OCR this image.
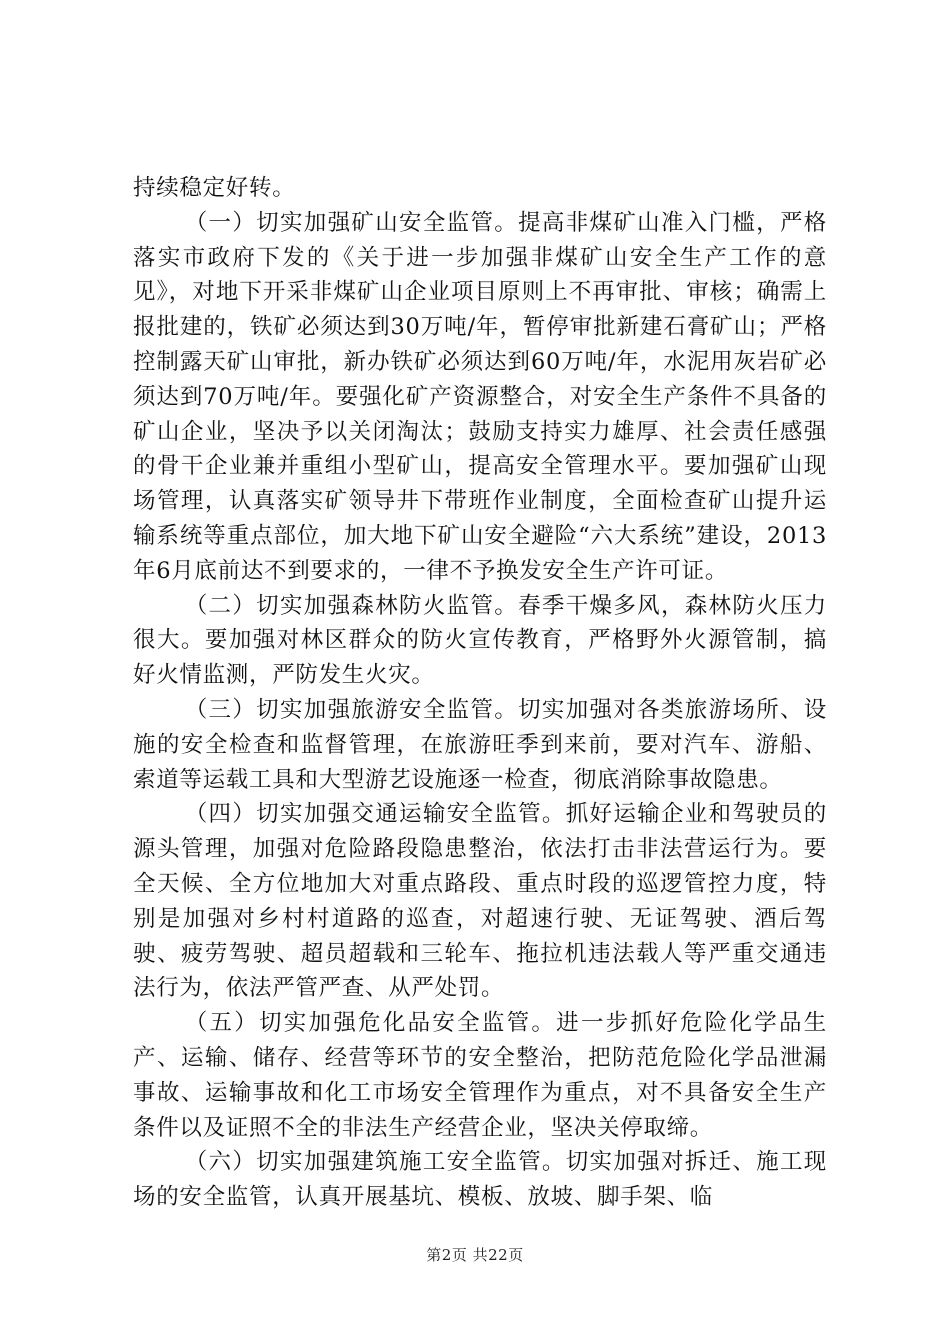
持续稳定好转。

（一）切实加强矿山安全监管。提高非煤矿山准入门槛，严格落实市政府下发的《关于进一步加强非煤矿山安全生产工作的意见》，对地下开采非煤矿山企业项目原则上不再审批、审核；确需上报批建的，铁矿必须达到30万吨/年，暂停审批新建石膏矿山；严格控制露天矿山审批，新办铁矿必须达到60万吨/年，水泥用灰岩矿必须达到70万吨/年。要强化矿产资源整合，对安全生产条件不具备的矿山企业，坚决予以关闭淘汰；鼓励支持实力雄厚、社会责任感强的骨干企业兼并重组小型矿山，提高安全管理水平。要加强矿山现场管理，认真落实矿领导井下带班作业制度，全面检查矿山提升运输系统等重点部位，加大地下矿山安全避险“六大系统”建设，2013年6月底前达不到要求的，一律不予换发安全生产许可证。

（二）切实加强森林防火监管。春季干燥多风，森林防火压力很大。要加强对林区群众的防火宣传教育，严格野外火源管制，搞好火情监测，严防发生火灾。

（三）切实加强旅游安全监管。切实加强对各类旅游场所、设施的安全检查和监督管理，在旅游旺季到来前，要对汽车、游船、索道等运载工具和大型游艺设施逐一检查，彻底消除事故隐患。

（四）切实加强交通运输安全监管。抓好运输企业和驾驶员的源头管理，加强对危险路段隐患整治，依法打击非法营运行为。要全天候、全方位地加大对重点路段、重点时段的巡逻管控力度，特别是加强对乡村村道路的巡查，对超速行驶、无证驾驶、酒后驾驶、疲劳驾驶、超员超载和三轮车、拖拉机违法载人等严重交通违法行为，依法严管严查、从严处罚。

（五）切实加强危化品安全监管。进一步抓好危险化学品生产、运输、储存、经营等环节的安全整治，把防范危险化学品泄漏事故、运输事故和化工市场安全管理作为重点，对不具备安全生产条件以及证照不全的非法生产经营企业，坚决关停取缔。

（六）切实加强建筑施工安全监管。切实加强对拆迁、施工现场的安全监管，认真开展基坑、模板、放坡、脚手架、临

第2页 共22页
